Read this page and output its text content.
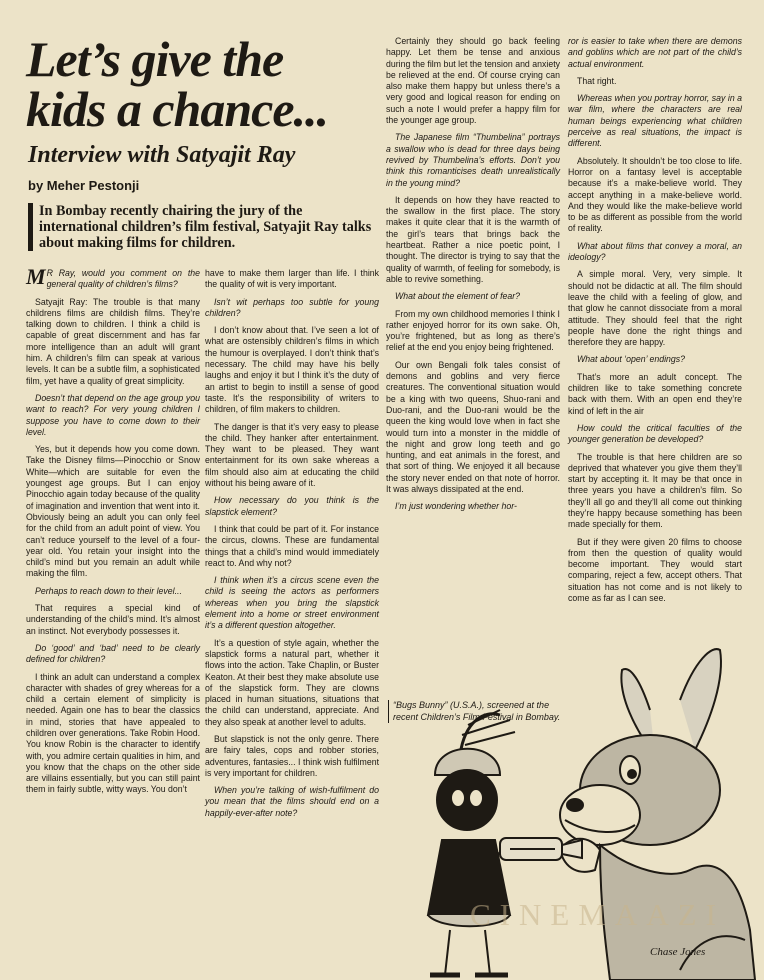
Let’s give the kids a chance...
Interview with Satyajit Ray

by Meher Pestonji

In Bombay recently chairing the jury of the international children’s film festival, Satyajit Ray talks about making films for children.

MR Ray, would you comment on the general quality of children’s films?

Satyajit Ray: The trouble is that many childrens films are childish films. They’re talking down to children. I think a child is capable of great discernment and has far more intelligence than an adult will grant him. A children’s film can speak at various levels. It can be a subtle film, a sophisticated film, yet have a quality of great simplicity.

Doesn’t that depend on the age group you want to reach? For very young children I suppose you have to come down to their level.

Yes, but it depends how you come down. Take the Disney films—Pinocchio or Snow White—which are suitable for even the youngest age groups. But I can enjoy Pinocchio again today because of the quality of imagination and invention that went into it. Obviously being an adult you can only feel for the child from an adult point of view. You can’t reduce yourself to the level of a four-year old. You retain your insight into the child’s mind but you remain an adult while making the film.

Perhaps to reach down to their level...

That requires a special kind of understanding of the child’s mind. It’s almost an instinct. Not everybody possesses it.

Do ‘good’ and ‘bad’ need to be clearly defined for children?

I think an adult can understand a complex character with shades of grey whereas for a child a certain element of simplicity is needed. Again one has to bear the classics in mind, stories that have appealed to children over generations. Take Robin Hood. You know Robin is the character to identify with, you admire certain qualities in him, and you know that the chaps on the other side are villains essentially, but you can still paint them in fairly subtle, witty ways. You don’t

have to make them larger than life. I think the quality of wit is very important.

Isn’t wit perhaps too subtle for young children?

I don’t know about that. I’ve seen a lot of what are ostensibly children’s films in which the humour is overplayed. I don’t think that’s necessary. The child may have his belly laughs and enjoy it but I think it’s the duty of an artist to begin to instill a sense of good taste. It’s the responsibility of writers to children, of film makers to children.

The danger is that it’s very easy to please the child. They hanker after entertainment. They want to be pleased. They want entertainment for its own sake whereas a film should also aim at educating the child without his being aware of it.

How necessary do you think is the slapstick element?

I think that could be part of it. For instance the circus, clowns. These are fundamental things that a child’s mind would immediately react to. And why not?

I think when it’s a circus scene even the child is seeing the actors as performers whereas when you bring the slapstick element into a home or street environment it’s a different question altogether.

It’s a question of style again, whether the slapstick forms a natural part, whether it flows into the action. Take Chaplin, or Buster Keaton. At their best they make absolute use of the slapstick form. They are clowns placed in human situations, situations that the child can understand, appreciate. And they also speak at another level to adults.

But slapstick is not the only genre. There are fairy tales, cops and robber stories, adventures, fantasies... I think wish fulfilment is very important for children.

When you’re talking of wish-fulfilment do you mean that the films should end on a happily-ever-after note?

Certainly they should go back feeling happy. Let them be tense and anxious during the film but let the tension and anxiety be relieved at the end. Of course crying can also make them happy but unless there’s a very good and logical reason for ending on such a note I would prefer a happy film for the younger age group.

The Japanese film “Thumbelina” portrays a swallow who is dead for three days being revived by Thumbelina’s efforts. Don’t you think this romanticises death unrealistically in the young mind?

It depends on how they have reacted to the swallow in the first place. The story makes it quite clear that it is the warmth of the girl’s tears that brings back the heartbeat. Rather a nice poetic point, I thought. The director is trying to say that the quality of warmth, of feeling for somebody, is able to revive something.

What about the element of fear?

From my own childhood memories I think I rather enjoyed horror for its own sake. Oh, you’re frightened, but as long as there’s relief at the end you enjoy being frightened.

Our own Bengali folk tales consist of demons and goblins and very fierce creatures. The conventional situation would be a king with two queens, Shuo-rani and Duo-rani, and the Duo-rani would be the queen the king would love when in fact she would turn into a monster in the middle of the night and grow long teeth and go hunting, and eat animals in the forest, and that sort of thing. We enjoyed it all because the story never ended on that note of horror. It was always dissipated at the end.

I’m just wondering whether hor-

ror is easier to take when there are demons and goblins which are not part of the child’s actual environment.

That right.

Whereas when you portray horror, say in a war film, where the characters are real human beings experiencing what children perceive as real situations, the impact is different.

Absolutely. It shouldn’t be too close to life. Horror on a fantasy level is acceptable because it’s a make-believe world. They accept anything in a make-believe world. And they would like the make-believe world to be as different as possible from the world of reality.

What about films that convey a moral, an ideology?

A simple moral. Very, very simple. It should not be didactic at all. The film should leave the child with a feeling of glow, and that glow he cannot dissociate from a moral attitude. They should feel that the right people have done the right things and therefore they are happy.

What about ‘open’ endings?

That’s more an adult concept. The children like to take something concrete back with them. With an open end they’re kind of left in the air

How could the critical faculties of the younger generation be developed?

The trouble is that here children are so deprived that whatever you give them they’ll start by accepting it. It may be that once in three years you have a children’s film. So they’ll all go and they’ll all come out thinking they’re happy because something has been made specially for them.

But if they were given 20 films to choose from then the question of quality would become important. They would start comparing, reject a few, accept others. That situation has not come and is not likely to come as far as I can see.

“Bugs Bunny” (U.S.A.), screened at the recent Children’s Film Festival in Bombay.

CINEMAAZI

Chase Jones
